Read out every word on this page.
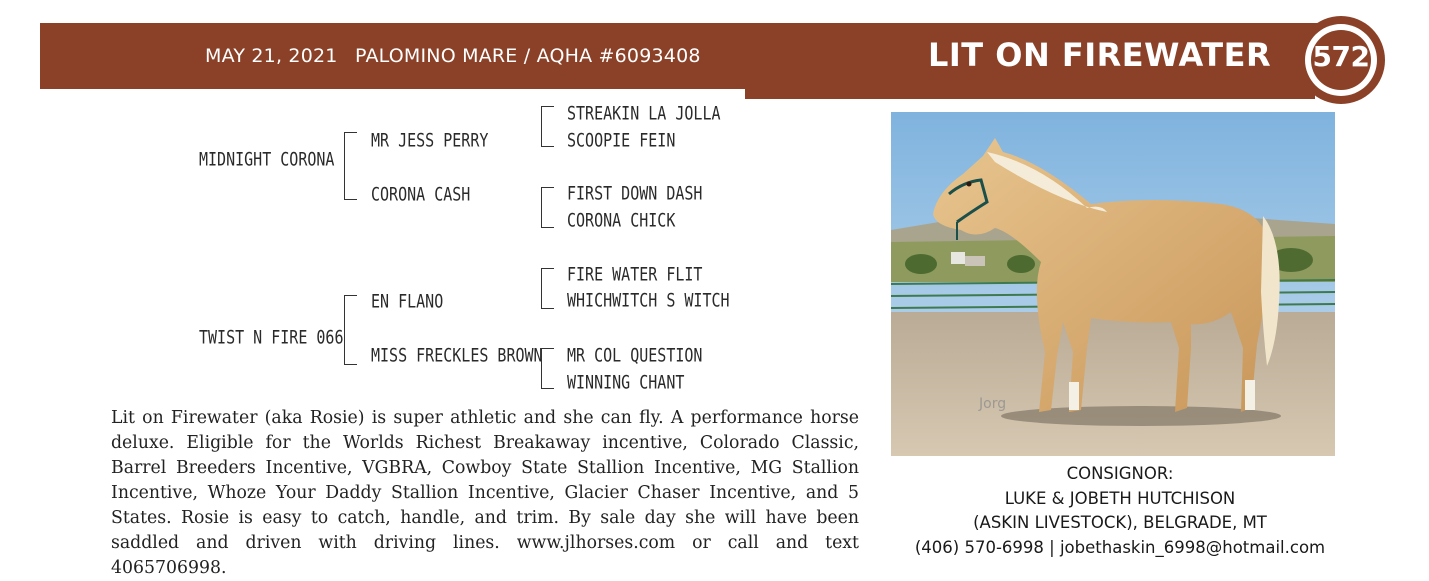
MAY 21, 2021 PALOMINO MARE / AQHA #6093408	LIT ON FIREWATER	572
MIDNIGHT CORONA
MR JESS PERRY
CORONA CASH
STREAKIN LA JOLLA
SCOOPIE FEIN
FIRST DOWN DASH
CORONA CHICK
TWIST N FIRE 066
EN FLANO
MISS FRECKLES BROWN
FIRE WATER FLIT
WHICHWITCH S WITCH
MR COL QUESTION
WINNING CHANT
Lit on Firewater (aka Rosie) is super athletic and she can fly. A performance horse deluxe. Eligible for the Worlds Richest Breakaway incentive, Colorado Classic, Barrel Breeders Incentive, VGBRA, Cowboy State Stallion Incentive, MG Stallion Incentive, Whoze Your Daddy Stallion Incentive, Glacier Chaser Incentive, and 5 States. Rosie is easy to catch, handle, and trim. By sale day she will have been saddled and driven with driving lines. www.jlhorses.com or call and text 4065706998.
Jorg
CONSIGNOR:
LUKE & JOBETH HUTCHISON
(ASKIN LIVESTOCK), BELGRADE, MT
(406) 570-6998 | jobethaskin_6998@hotmail.com
